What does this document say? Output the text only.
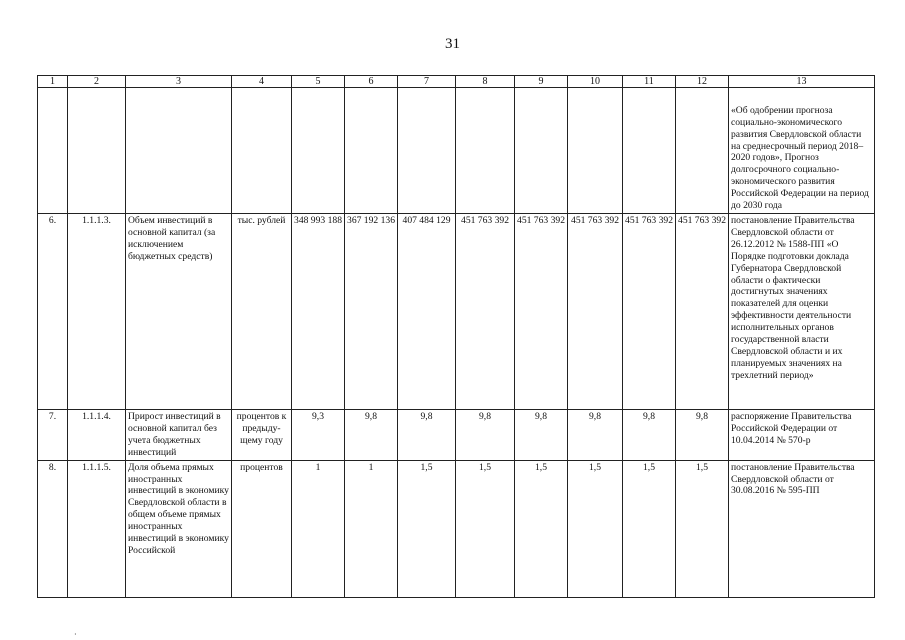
31
1	2	3	4	5	6	7	8	9	10	11	12	13
												«Об одобрении прогноза социально-экономического развития Свердловской области на среднесрочный период 2018–2020 годов», Прогноз долгосрочного социально-экономического развития Российской Федерации на период до 2030 года
6.	1.1.1.3.	Объем инвестиций в основной капитал (за исключением бюджетных средств)	тыс. рублей	348 993 188	367 192 136	407 484 129	451 763 392	451 763 392	451 763 392	451 763 392	451 763 392	постановление Правительства Свердловской области от 26.12.2012 № 1588-ПП «О Порядке подготовки доклада Губернатора Свердловской области о фактически достигнутых значениях показателей для оценки эффективности деятельности исполнительных органов государственной власти Свердловской области и их планируемых значениях на трехлетний период»
7.	1.1.1.4.	Прирост инвестиций в основной капитал без учета бюджетных инвестиций	процентов к предыду-щему году	9,3	9,8	9,8	9,8	9,8	9,8	9,8	9,8	распоряжение Правительства Российской Федерации от 10.04.2014 № 570-р
8.	1.1.1.5.	Доля объема прямых иностранных инвестиций в экономику Свердловской области в общем объеме прямых иностранных инвестиций в экономику Российской	процентов	1	1	1,5	1,5	1,5	1,5	1,5	1,5	постановление Правительства Свердловской области от 30.08.2016 № 595-ПП
·
